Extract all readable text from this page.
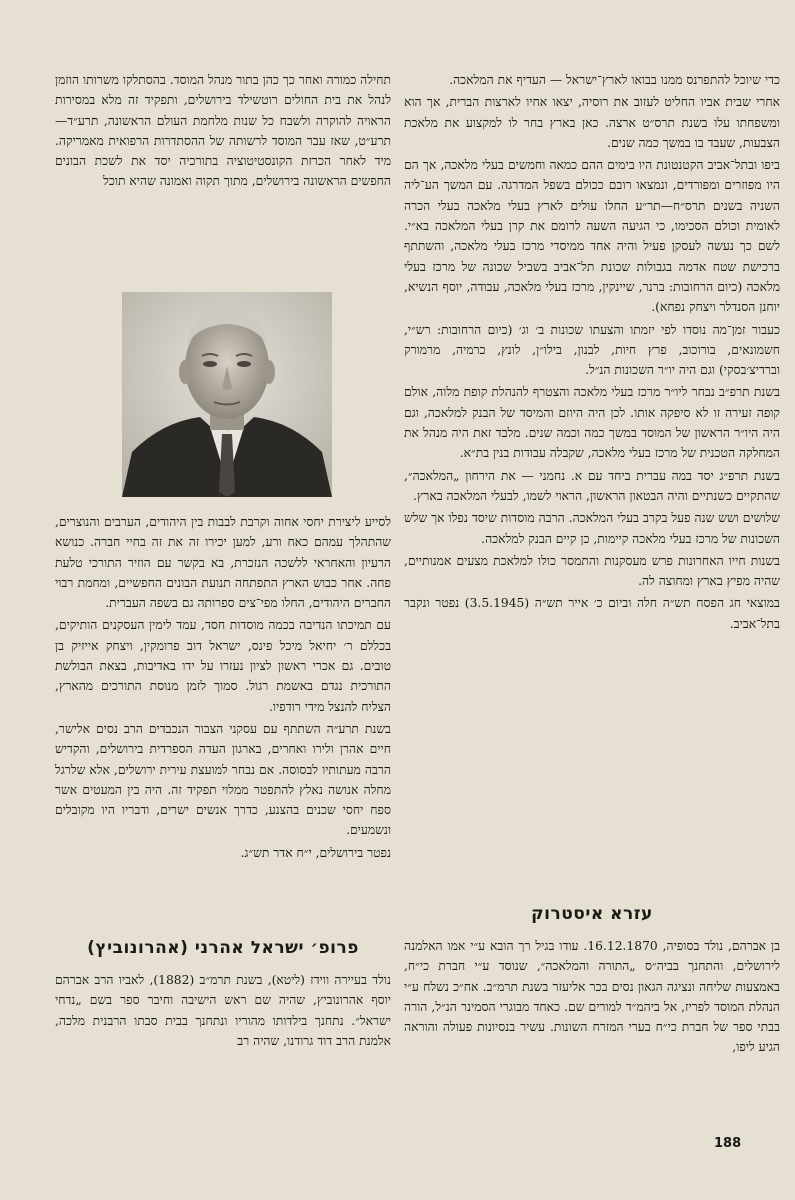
כדי שיוכל להתפרנס ממנו בבואו לארץ־ישראל — העדיף את המלאכה.

אחרי שבית אביו החליט לעזוב את רוסיה, יצאו אחיו לארצות הברית, אך הוא ומשפחתו עלו בשנת תרס״ט ארצה. כאן בארץ בחר לו למקצוע את מלאכת הצבעות, שעבד בו במשך כמה שנים.

ביפו ובתל־אביב הקטנטונת היו בימים ההם כמאה וחמשים בעלי מלאכה, אך הם היו מפוזרים ומפורדים, ונמצאו רובם ככולם בשפל המדרגה. עם המשך הע־ליה השניה בשנים תרס״ח—תר״ע החלו עולים לארץ בעלי מלאכה בעלי הכרה לאומית וכולם הסכימו, כי הגיעה השעה לרומם את קרן בעלי המלאכה בא״י. לשם כך נעשה לעסקן פעיל והיה אחד ממיסדי מרכז בעלי מלאכה, והשתתף ברכישת שטח אדמה בגבולות שכונת תל־אביב בשביל שכונה של מרכז בעלי מלאכה (כיום הרחובות: ברנר, שיינקין, מרכז בעלי מלאכה, עבודה, יוסף הנשיא, יוחנן הסנדלר ויצחק נפחא).

כעבור זמן־מה נוסדו לפי יזמתו והצעתו שכונות ב׳ וג׳ (כיום הרחובות: רש״י, חשמונאים, בורוכוב, פרץ חיות, לבנון, בילו״ן, לונץ, כרמיה, מרמורק וברדיצ׳בסקי) וגם היה יו״ר השכונות הנ״ל.

בשנת תרפ״ב נבחר ליו״ר מרכז בעלי מלאכה והצטרף להנהלת קופת מלוה, אולם קופה זעירה זו לא סיפקה אותו. לכן היה היוזם והמיסד של הבנק למלאכה, וגם היה היו״ר הראשון של המוסד במשך כמה וכמה שנים. מלבד זאת היה מנהל את המחלקה הטכנית של מרכז בעלי מלאכה, שקבלה עבודות בנין בת״א.

בשנת תרפ״ג יסד במה עברית ביחד עם א. נחמני — את הירחון „המלאכה״, שהתקיים כשנתיים והיה הבטאון הראשון, הראוי לשמו, לבעלי המלאכה בארץ.

שלושים ושש שנה פעל בקרב בעלי המלאכה. הרבה מוסדות שיסד נפלו אך שלש השכונות של מרכז בעלי מלאכה קיימות, כן קיים הבנק למלאכה.

בשנות חייו האחרונות פרש מעסקנות והתמסר כולו למלאכת מצעים אמנותיים, שהיה מפיץ בארץ ומחוצה לה.

במוצאי חג הפסח תש״ה חלה וביום כ׳ אייר תש״ה (3.5.1945) נפטר ונקבר בתל־אביב.

תחילה כמורה ואחר כך כהן בתור מנהל המוסד. בהסתלקו משרותו הוזמן לנהל את בית החולים רוטשילד בירושלים, ותפקיד זה מלא במסירות הראויה להוקרה ולשבח כל שנות מלחמת העולם הראשונה, תרע״ד—תרע״ט, שאז עבר המוסד לרשותה של ההסתדרות הרפואית מאמריקה. מיד לאחר הכרזת הקונסטיטוציה בתורכיה יסד את לשכת הבונים החפשים הראשונה בירושלים, מתוך תקוה ואמונה שהיא תוכל

לסייע ליצירת יחסי אחוה וקרבת לבבות בין היהודים, הערבים והנוצרים, שהתהלך עמהם כאח ורע, למען יכירו זה את זה בחיי חברה. כנושא הרעיון והאחראי ללשכה הנזכרת, בא בקשר עם הוזיר התורכי טלעת פחה. אחר כבוש הארץ התפתחה תנועת הבונים החפשיים, ומחמת רבוי החברים היהודים, החלו מפי־צים ספרותה גם בשפה העברית.

עם תמיכתו הנדיבה בכמה מוסדות חסד, עמד לימין העסקנים הותיקים, בכללם ר׳ יחיאל מיכל פינס, ישראל דוב פרומקין, ויצחק אייזיק בן טובים. גם אכרי ראשון לציון נעזרו על ידו באדיבות, בצאת הבולשת התורכית נגדם באשמת רגול. סמוך לזמן מנוסת התורכים מהארץ, הצליח להנצל מידי רודפיו.

בשנת תרע״ה השתתף עם עסקני הצבור הנכבדים הרב נסים אלישר, חיים אהרן ולירו ואחרים, בארגון העדה הספרדית בירושלים, והקדיש הרבה מעתותיו לבסוסה. אם נבחר למועצת עירית ירושלים, אלא שלרגל מחלה אנושה נאלץ להתפטר ממלוי תפקיד זה. היה בין המעטים אשר ספח יחסי שכנים בהצנע, כדרך אנשים ישרים, ודבריו היו מקובלים ונשמעים.

נפטר בירושלים, י״ח אדר תש״ג.

עזרא איסטרוק

בן אברהם, נולד בסופיה, 16.12.1870. עודו בגיל רך הובא ע״י אמו האלמנה לירושלים, והתחנך בביה״ס „התורה והמלאכה״, שנוסד ע״י חברת כי״ח, באמצעות שליחה ונציגה הגאון נסים בכר אליעזר בשנת תרמ״ב. אח״כ נשלח ע״י הנהלת המוסד לפריז, אל ביהמ״ד למורים שם. כאחד מבוגרי הסמינר הנ״ל, הורה בבתי ספר של חברת כי״ח בערי המזרח השונות. עשיר בנסיונות פעולה והוראה הגיע ליפו,

פרופ׳ ישראל אהרני (אהרונוביץ)

נולד בעיירה ווידז (ליטא), בשנת תרמ״ב (1882), לאביו הרב אברהם יוסף אהרונוביץ, שהיה שם ראש הישיבה וחיבר ספר בשם „נדחי ישראל״. נתחנך בילדותו מהוריו ונתחנך בבית סבתו הרבנית מלכה, אלמנת הרב דוד גרודנו, שהיה רב

188
